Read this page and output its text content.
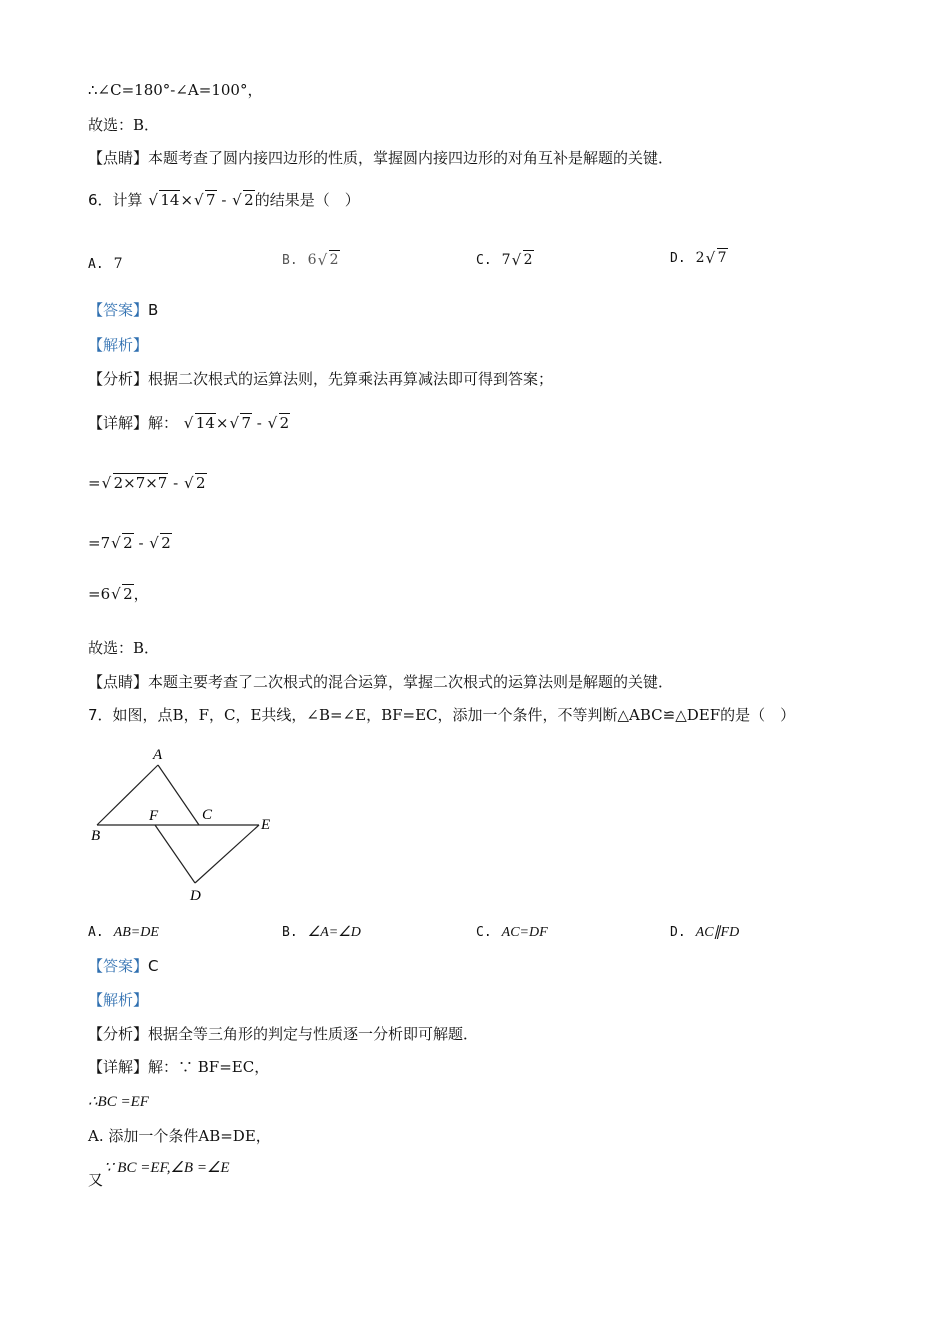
∴∠C=180°-∠A=100°，
故选：B．
【点睛】本题考查了圆内接四边形的性质，掌握圆内接四边形的对角互补是解题的关键．
6．计算 √ 14× √ 7 - √ 2的结果是（　）
A. 7	B. 6 √ 2	C. 7 √ 2	D. 2 √ 7
【答案】B
【解析】
【分析】根据二次根式的运算法则，先算乘法再算减法即可得到答案；
【详解】解： √ 14× √ 7 - √ 2
= √ 2×7×7 - √ 2
=7 √ 2 - √ 2
=6 √ 2，
故选：B．
【点睛】本题主要考查了二次根式的混合运算，掌握二次根式的运算法则是解题的关键．
7．如图，点B，F，C，E共线，∠B=∠E，BF=EC，添加一个条件，不等判断△ABC≌△DEF的是（　）
A
B
F	C
E
D
A. AB=DE	B. ∠A=∠D	C. AC=DF	D. AC∥FD
【答案】C
【解析】
【分析】根据全等三角形的判定与性质逐一分析即可解题．
【详解】解：∵ BF=EC，
∴BC =EF
A. 添加一个条件AB=DE，
又
∵ BC =EF,∠B =∠E
